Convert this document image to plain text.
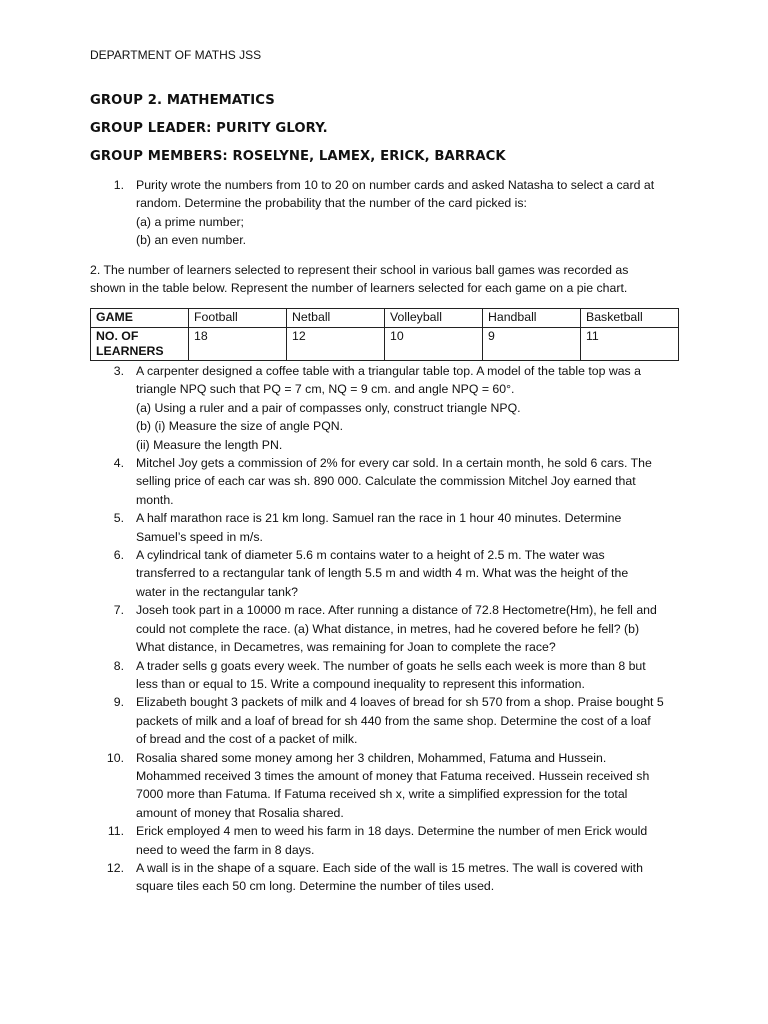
DEPARTMENT OF MATHS JSS
GROUP 2. MATHEMATICS
GROUP LEADER: PURITY GLORY.
GROUP MEMBERS: ROSELYNE, LAMEX, ERICK, BARRACK
1. Purity wrote the numbers from 10 to 20 on number cards and asked Natasha to select a card at
random. Determine the probability that the number of the card picked is:
(a) a prime number;
(b) an even number.
2. The number of learners selected to represent their school in various ball games was recorded as
shown in the table below. Represent the number of learners selected for each game on a pie chart.
GAME	Football	Netball	Volleyball	Handball	Basketball
NO. OF LEARNERS	18	12	10	9	11
3. A carpenter designed a coffee table with a triangular table top. A model of the table top was a
triangle NPQ such that PQ = 7 cm, NQ = 9 cm. and angle NPQ = 60°.
(a) Using a ruler and a pair of compasses only, construct triangle NPQ.
(b) (i) Measure the size of angle PQN.
(ii) Measure the length PN.
4. Mitchel Joy gets a commission of 2% for every car sold. In a certain month, he sold 6 cars. The
selling price of each car was sh. 890 000. Calculate the commission Mitchel Joy earned that
month.
5. A half marathon race is 21 km long. Samuel ran the race in 1 hour 40 minutes. Determine
Samuel’s speed in m/s.
6. A cylindrical tank of diameter 5.6 m contains water to a height of 2.5 m. The water was
transferred to a rectangular tank of length 5.5 m and width 4 m. What was the height of the
water in the rectangular tank?
7. Joseh took part in a 10000 m race. After running a distance of 72.8 Hectometre(Hm), he fell and
could not complete the race. (a) What distance, in metres, had he covered before he fell? (b)
What distance, in Decametres, was remaining for Joan to complete the race?
8. A trader sells g goats every week. The number of goats he sells each week is more than 8 but
less than or equal to 15. Write a compound inequality to represent this information.
9. Elizabeth bought 3 packets of milk and 4 loaves of bread for sh 570 from a shop. Praise bought 5
packets of milk and a loaf of bread for sh 440 from the same shop. Determine the cost of a loaf
of bread and the cost of a packet of milk.
10. Rosalia shared some money among her 3 children, Mohammed, Fatuma and Hussein.
Mohammed received 3 times the amount of money that Fatuma received. Hussein received sh
7000 more than Fatuma. If Fatuma received sh x, write a simplified expression for the total
amount of money that Rosalia shared.
11. Erick employed 4 men to weed his farm in 18 days. Determine the number of men Erick would
need to weed the farm in 8 days.
12. A wall is in the shape of a square. Each side of the wall is 15 metres. The wall is covered with
square tiles each 50 cm long. Determine the number of tiles used.
